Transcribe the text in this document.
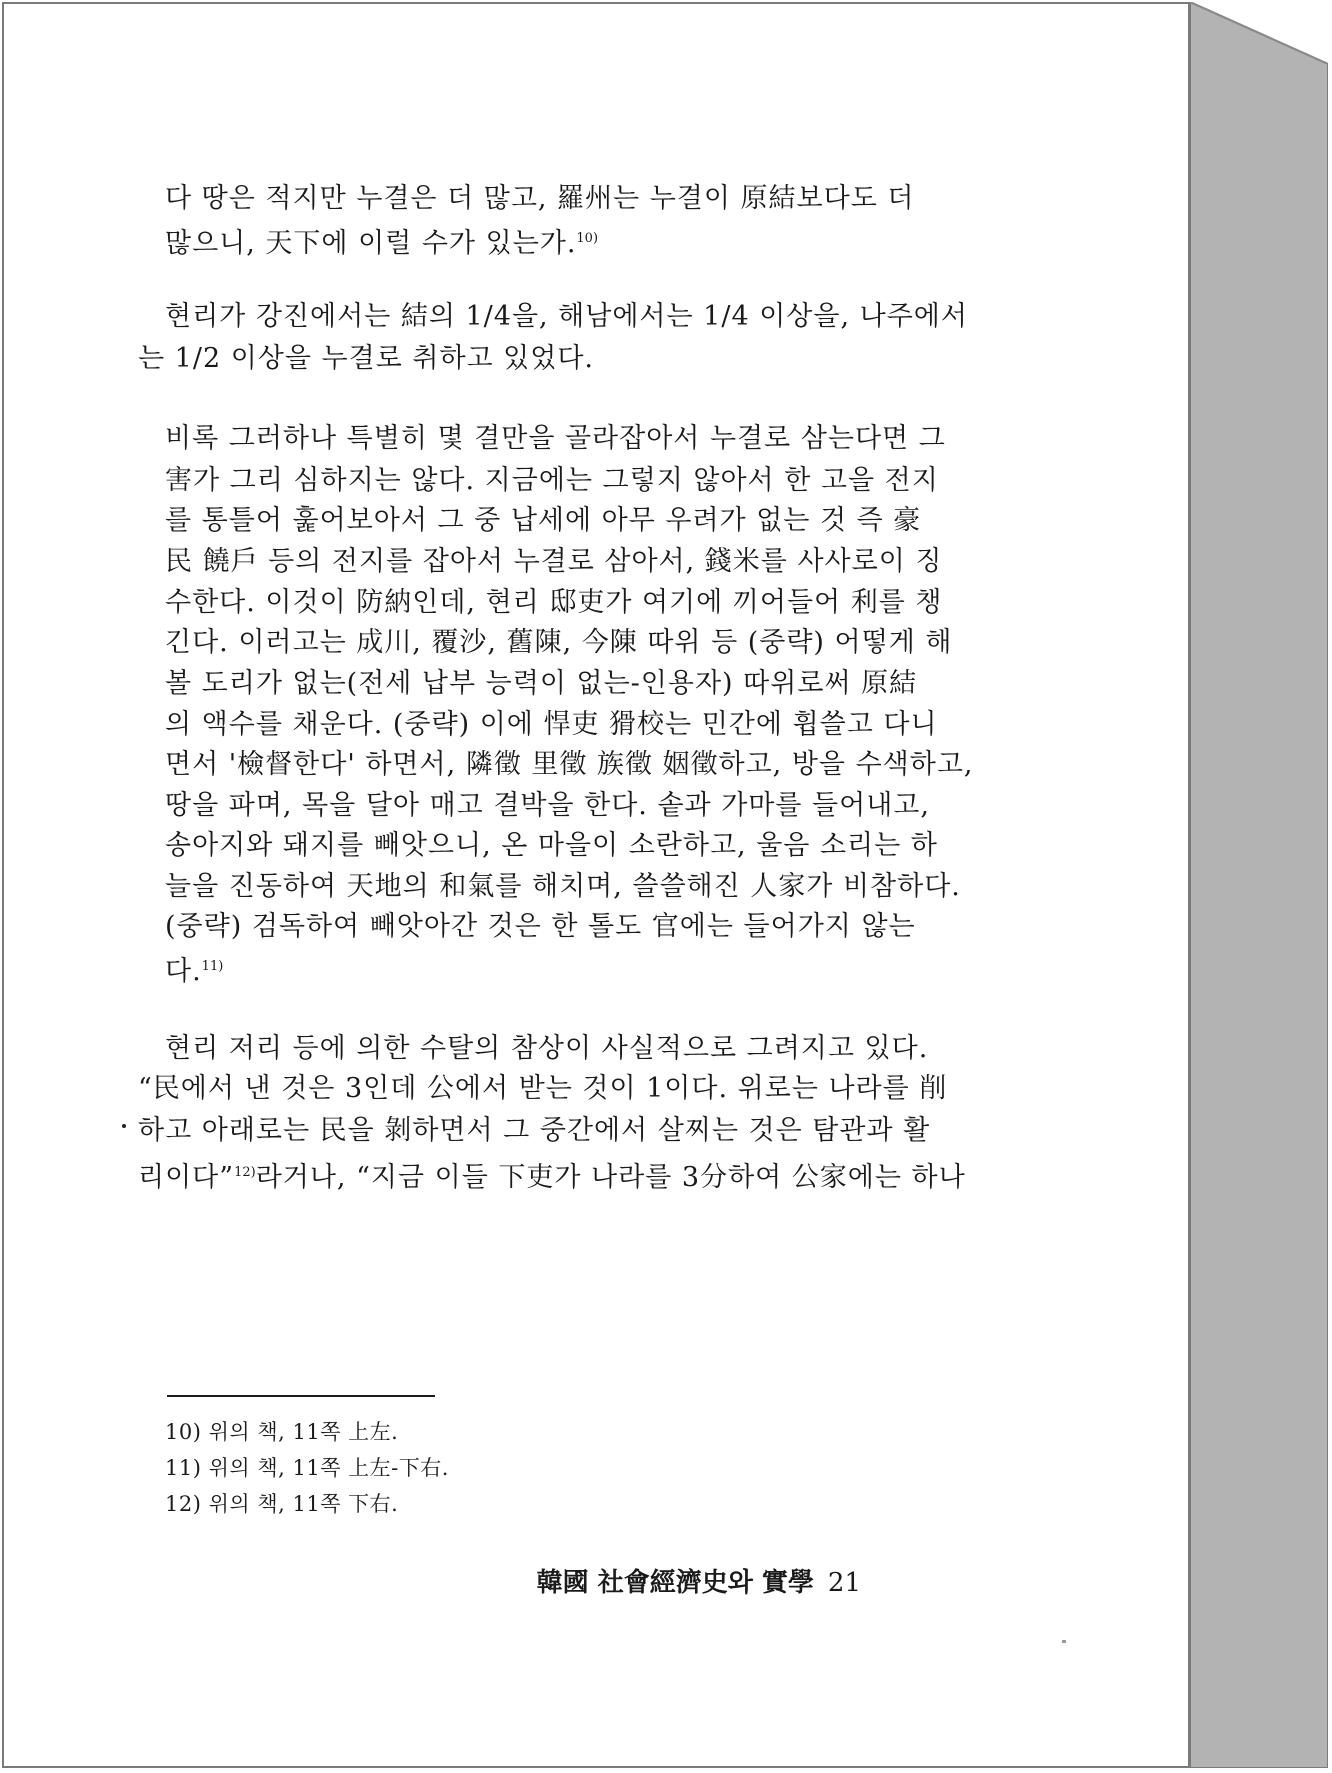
다 땅은 적지만 누결은 더 많고, 羅州는 누결이 原結보다도 더
많으니, 天下에 이럴 수가 있는가.$^{10)}$
현리가 강진에서는 結의 1/4을, 해남에서는 1/4 이상을, 나주에서
는 1/2 이상을 누결로 취하고 있었다.
비록 그러하나 특별히 몇 결만을 골라잡아서 누결로 삼는다면 그
害가 그리 심하지는 않다. 지금에는 그렇지 않아서 한 고을 전지
를 통틀어 훑어보아서 그 중 납세에 아무 우려가 없는 것 즉 豪
民 饒戶 등의 전지를 잡아서 누결로 삼아서, 錢米를 사사로이 징
수한다. 이것이 防納인데, 현리 邸吏가 여기에 끼어들어 利를 챙
긴다. 이러고는 成川, 覆沙, 舊陳, 今陳 따위 등 (중략) 어떻게 해
볼 도리가 없는(전세 납부 능력이 없는-인용자) 따위로써 原結
의 액수를 채운다. (중략) 이에 悍吏 猾校는 민간에 휩쓸고 다니
면서 '檢督한다' 하면서, 隣徵 里徵 族徵 姻徵하고, 방을 수색하고,
땅을 파며, 목을 달아 매고 결박을 한다. 솥과 가마를 들어내고,
송아지와 돼지를 빼앗으니, 온 마을이 소란하고, 울음 소리는 하
늘을 진동하여 天地의 和氣를 해치며, 쓸쓸해진 人家가 비참하다.
(중략) 검독하여 빼앗아간 것은 한 톨도 官에는 들어가지 않는
다.$^{11)}$
현리 저리 등에 의한 수탈의 참상이 사실적으로 그려지고 있다.
“民에서 낸 것은 3인데 公에서 받는 것이 1이다. 위로는 나라를 削
하고 아래로는 民을 剝하면서 그 중간에서 살찌는 것은 탐관과 활
리이다”$^{12)}$라거나, “지금 이들 下吏가 나라를 3分하여 公家에는 하나
10) 위의 책, 11쪽 上左.
11) 위의 책, 11쪽 上左-下右.
12) 위의 책, 11쪽 下右.
韓國 社會經濟史와 實學 21
